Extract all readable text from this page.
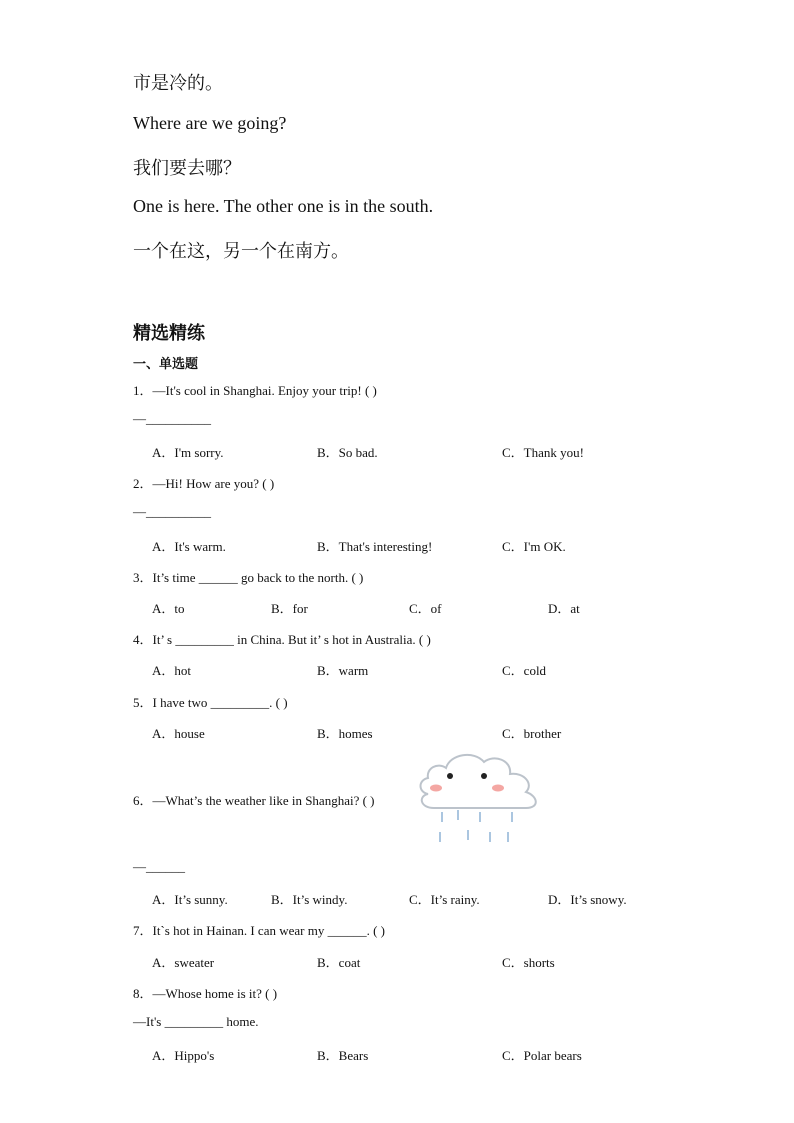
市是冷的。
Where are we going?
我们要去哪？
One is here. The other one is in the south.
一个在这，另一个在南方。
精选精练
一、单选题
1．—It's cool in Shanghai. Enjoy your trip! ( )
—__________
A．I'm sorry.	B．So bad.	C．Thank you!
2．—Hi! How are you? ( )
—__________
A．It's warm.	B．That's interesting!	C．I'm OK.
3．It’s time ______ go back to the north. ( )
A．to	B．for	C．of	D．at
4．It’ s _________ in China. But it’ s hot in Australia. ( )
A．hot	B．warm	C．cold
5．I have two _________. ( )
A．house	B．homes	C．brother
6．—What’s the weather like in Shanghai? ( )
—______
A．It’s sunny.	B．It’s windy.	C．It’s rainy.	D．It’s snowy.
7．It`s hot in Hainan. I can wear my ______. ( )
A．sweater	B．coat	C．shorts
8．—Whose home is it? ( )
—It's _________ home.
A．Hippo's	B．Bears	C．Polar bears
